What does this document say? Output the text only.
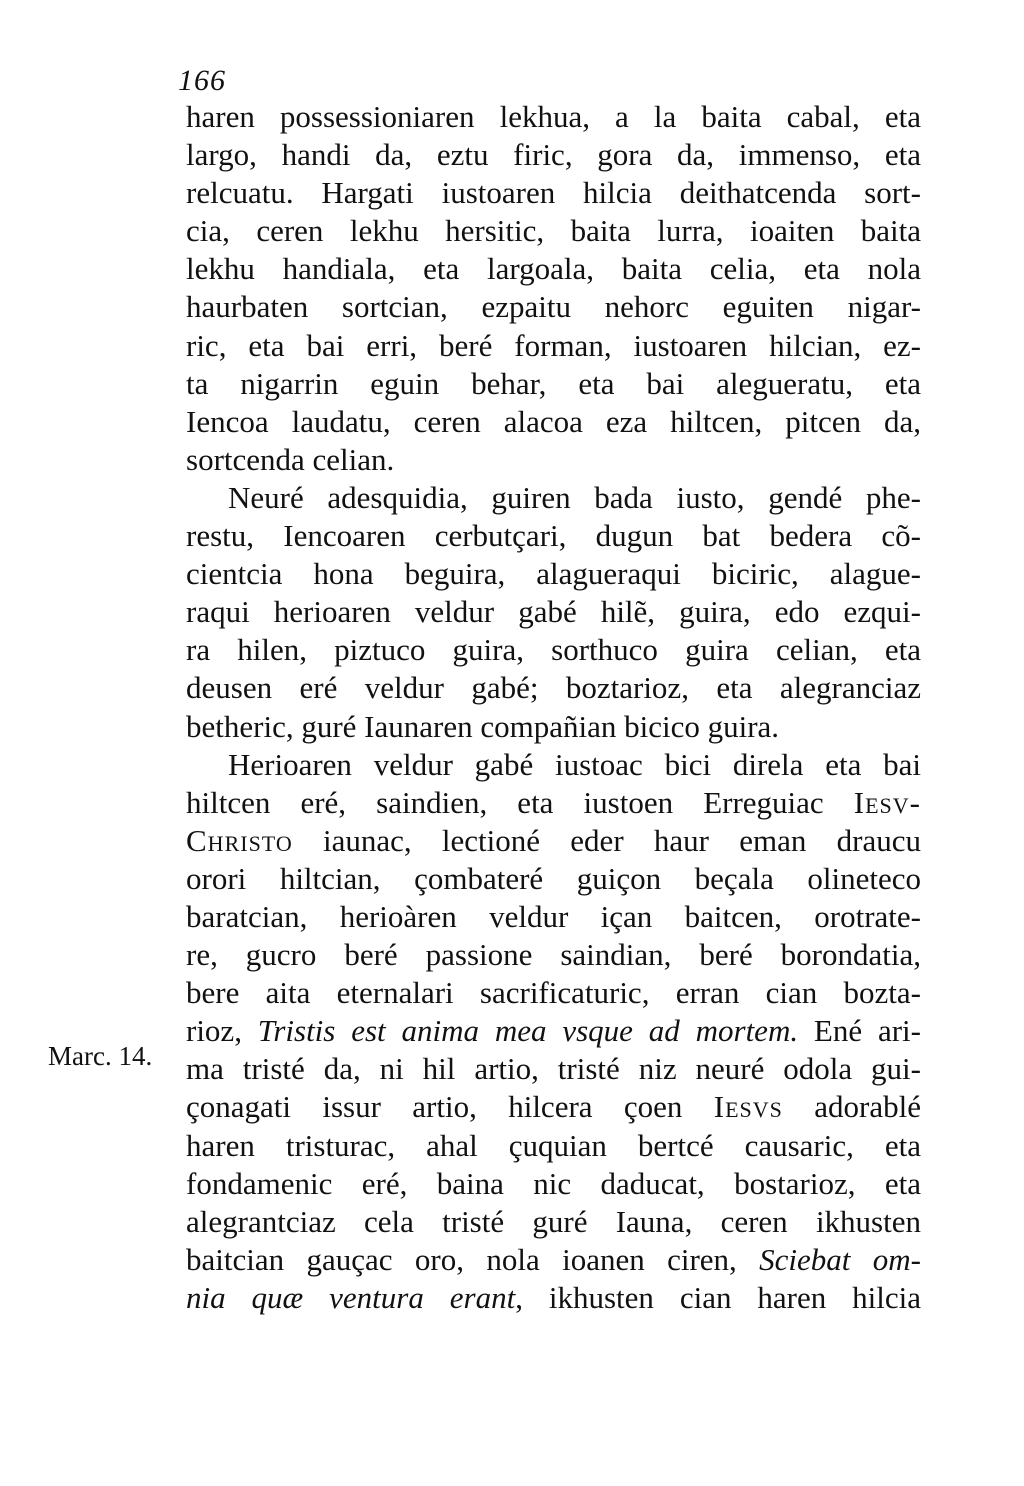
166
haren possessioniaren lekhua, a la baita cabal, eta
largo, handi da, eztu firic, gora da, immenso, eta
relcuatu. Hargati iustoaren hilcia deithatcenda sort-
cia, ceren lekhu hersitic, baita lurra, ioaiten baita
lekhu handiala, eta largoala, baita celia, eta nola
haurbaten sortcian, ezpaitu nehorc eguiten nigar-
ric, eta bai erri, beré forman, iustoaren hilcian, ez-
ta nigarrin eguin behar, eta bai alegueratu, eta
Iencoa laudatu, ceren alacoa eza hiltcen, pitcen da,
sortcenda celian.
Neuré adesquidia, guiren bada iusto, gendé phe-
restu, Iencoaren cerbutçari, dugun bat bedera cõ-
cientcia hona beguira, alagueraqui biciric, alague-
raqui herioaren veldur gabé hilẽ, guira, edo ezqui-
ra hilen, piztuco guira, sorthuco guira celian, eta
deusen eré veldur gabé; boztarioz, eta alegranciaz
betheric, guré Iaunaren compañian bicico guira.
Herioaren veldur gabé iustoac bici direla eta bai
hiltcen eré, saindien, eta iustoen Erreguiac Iesv-
Christo iaunac, lectioné eder haur eman draucu
orori hiltcian, çombateré guiçon beçala olineteco
baratcian, herioàren veldur içan baitcen, orotrate-
re, gucro beré passione saindian, beré borondatia,
bere aita eternalari sacrificaturic, erran cian bozta-
rioz, Tristis est anima mea vsque ad mortem. Ené ari-
ma tristé da, ni hil artio, tristé niz neuré odola gui-
çonagati issur artio, hilcera çoen Iesvs adorablé
haren tristurac, ahal çuquian bertcé causaric, eta
fondamenic eré, baina nic daducat, bostarioz, eta
alegrantciaz cela tristé guré Iauna, ceren ikhusten
baitcian gauçac oro, nola ioanen ciren, Sciebat om-
nia quæ ventura erant, ikhusten cian haren hilcia
Marc. 14.
